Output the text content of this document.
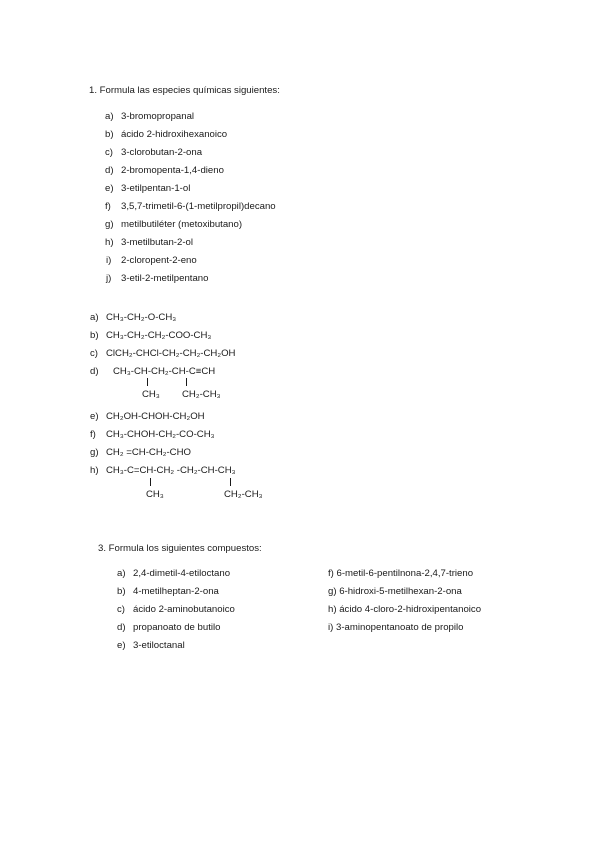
1. Formula las especies químicas siguientes:
a) 3-bromopropanal
b) ácido 2-hidroxihexanoico
c) 3-clorobutan-2-ona
d) 2-bromopenta-1,4-dieno
e) 3-etilpentan-1-ol
f) 3,5,7-trimetil-6-(1-metilpropil)decano
g) metilbutiléter (metoxibutano)
h) 3-metilbutan-2-ol
i) 2-cloropent-2-eno
j) 3-etil-2-metilpentano
a) CH₃-CH₂-O-CH₃
b) CH₃-CH₂-CH₂-COO-CH₃
c) ClCH₂-CHCl-CH₂-CH₂-CH₂OH
d) CH₃-CH-CH₂-CH-C≡CH
CH₃ CH₂-CH₃
e) CH₂OH-CHOH-CH₂OH
f) CH₃-CHOH-CH₂-CO-CH₃
g) CH₂ =CH-CH₂-CHO
h) CH₃-C=CH-CH₂ -CH₂-CH-CH₃
CH₃	CH₂-CH₃
3. Formula los siguientes compuestos:
a) 2,4-dimetil-4-etiloctano
b) 4-metilheptan-2-ona
c) ácido 2-aminobutanoico
d) propanoato de butilo
e) 3-etiloctanal
f) 6-metil-6-pentilnona-2,4,7-trieno
g) 6-hidroxi-5-metilhexan-2-ona
h) ácido 4-cloro-2-hidroxipentanoico
i) 3-aminopentanoato de propilo
